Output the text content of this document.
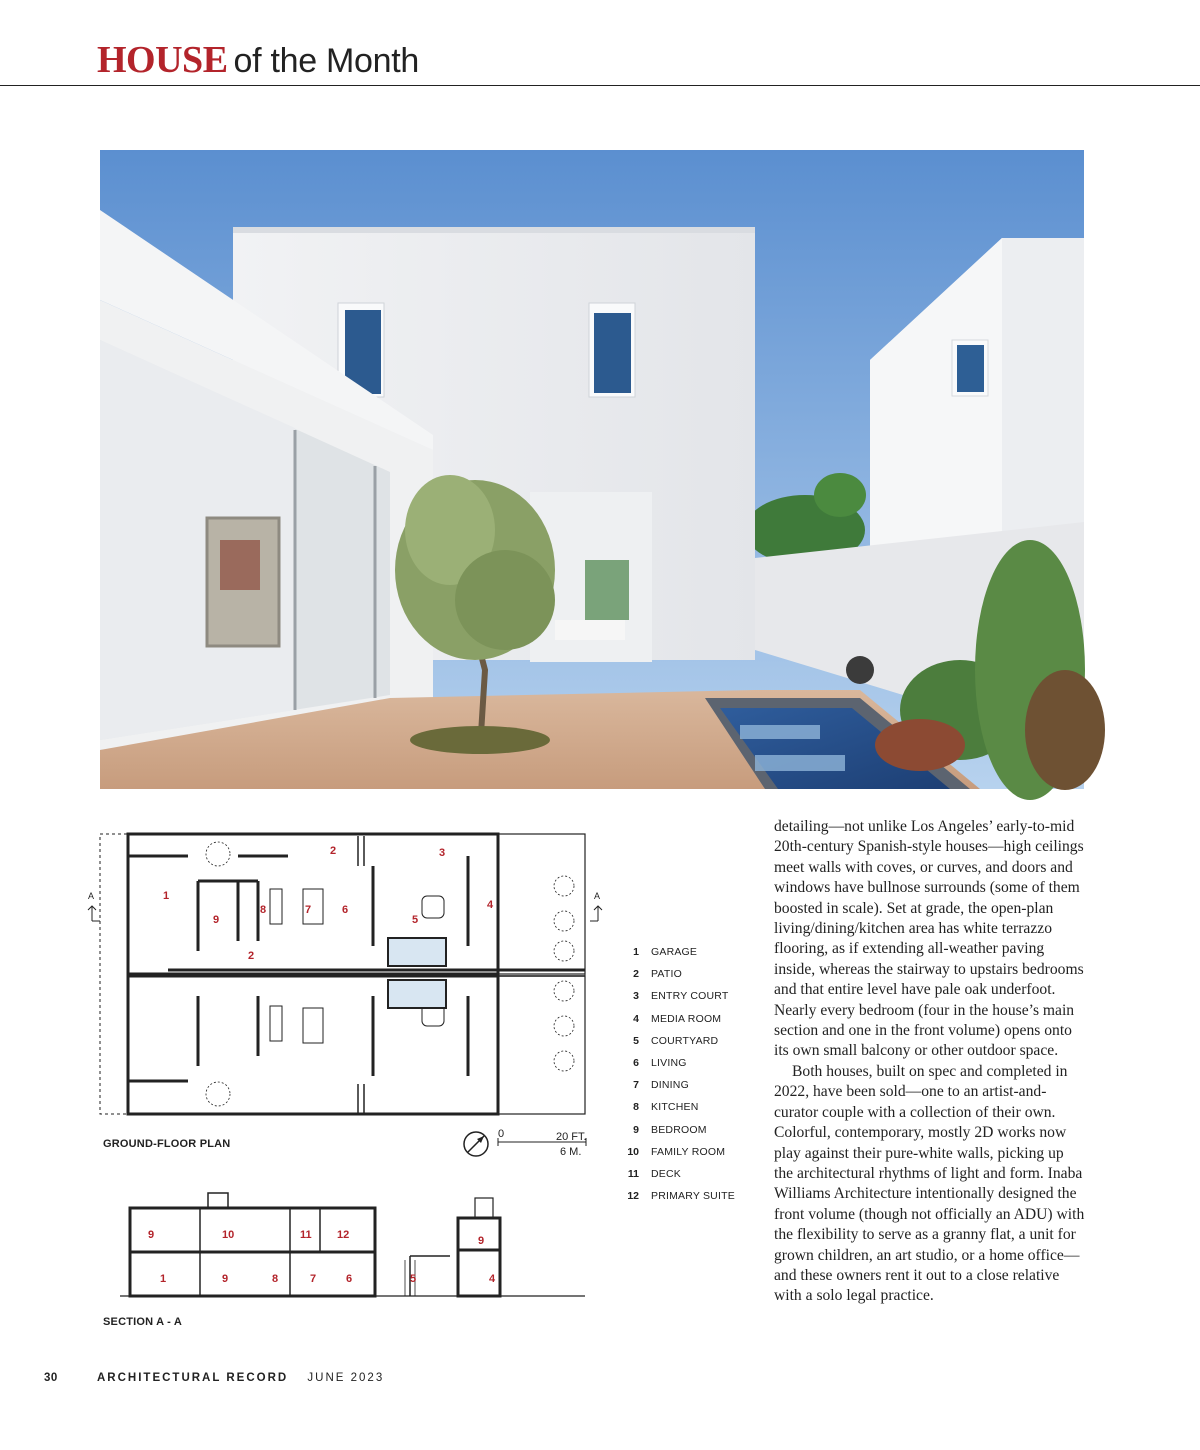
HOUSE of the Month
A	A
2	3
1
9
8	7	6
5
4
2
GROUND-FLOOR PLAN
0	20 FT.
6 M.
9	10	11 12	9
1	9	8	7	6	5	4
SECTION A - A
1 GARAGE
2 PATIO
3 ENTRY COURT
4 MEDIA ROOM
5 COURTYARD
6 LIVING
7 DINING
8 KITCHEN
9 BEDROOM
10 FAMILY ROOM
11 DECK
12 PRIMARY SUITE

detailing—not unlike Los Angeles’ early-to-mid 20th-century Spanish-style houses—high ceilings meet walls with coves, or curves, and doors and windows have bullnose surrounds (some of them boosted in scale). Set at grade, the open-plan living/dining/kitchen area has white terrazzo flooring, as if extending all-weather paving inside, whereas the stairway to upstairs bedrooms and that entire level have pale oak underfoot. Nearly every bedroom (four in the house’s main section and one in the front volume) opens onto its own small balcony or other outdoor space.

Both houses, built on spec and completed in 2022, have been sold—one to an artist-and-curator couple with a collection of their own. Colorful, contemporary, mostly 2D works now play against their pure-white walls, picking up the architectural rhythms of light and form. Inaba Williams Architecture intentionally designed the front volume (though not officially an ADU) with the flexibility to serve as a granny flat, a unit for grown children, an art studio, or a home office—and these owners rent it out to a close relative with a solo legal practice.

30	ARCHITECTURAL RECORD JUNE 2023
